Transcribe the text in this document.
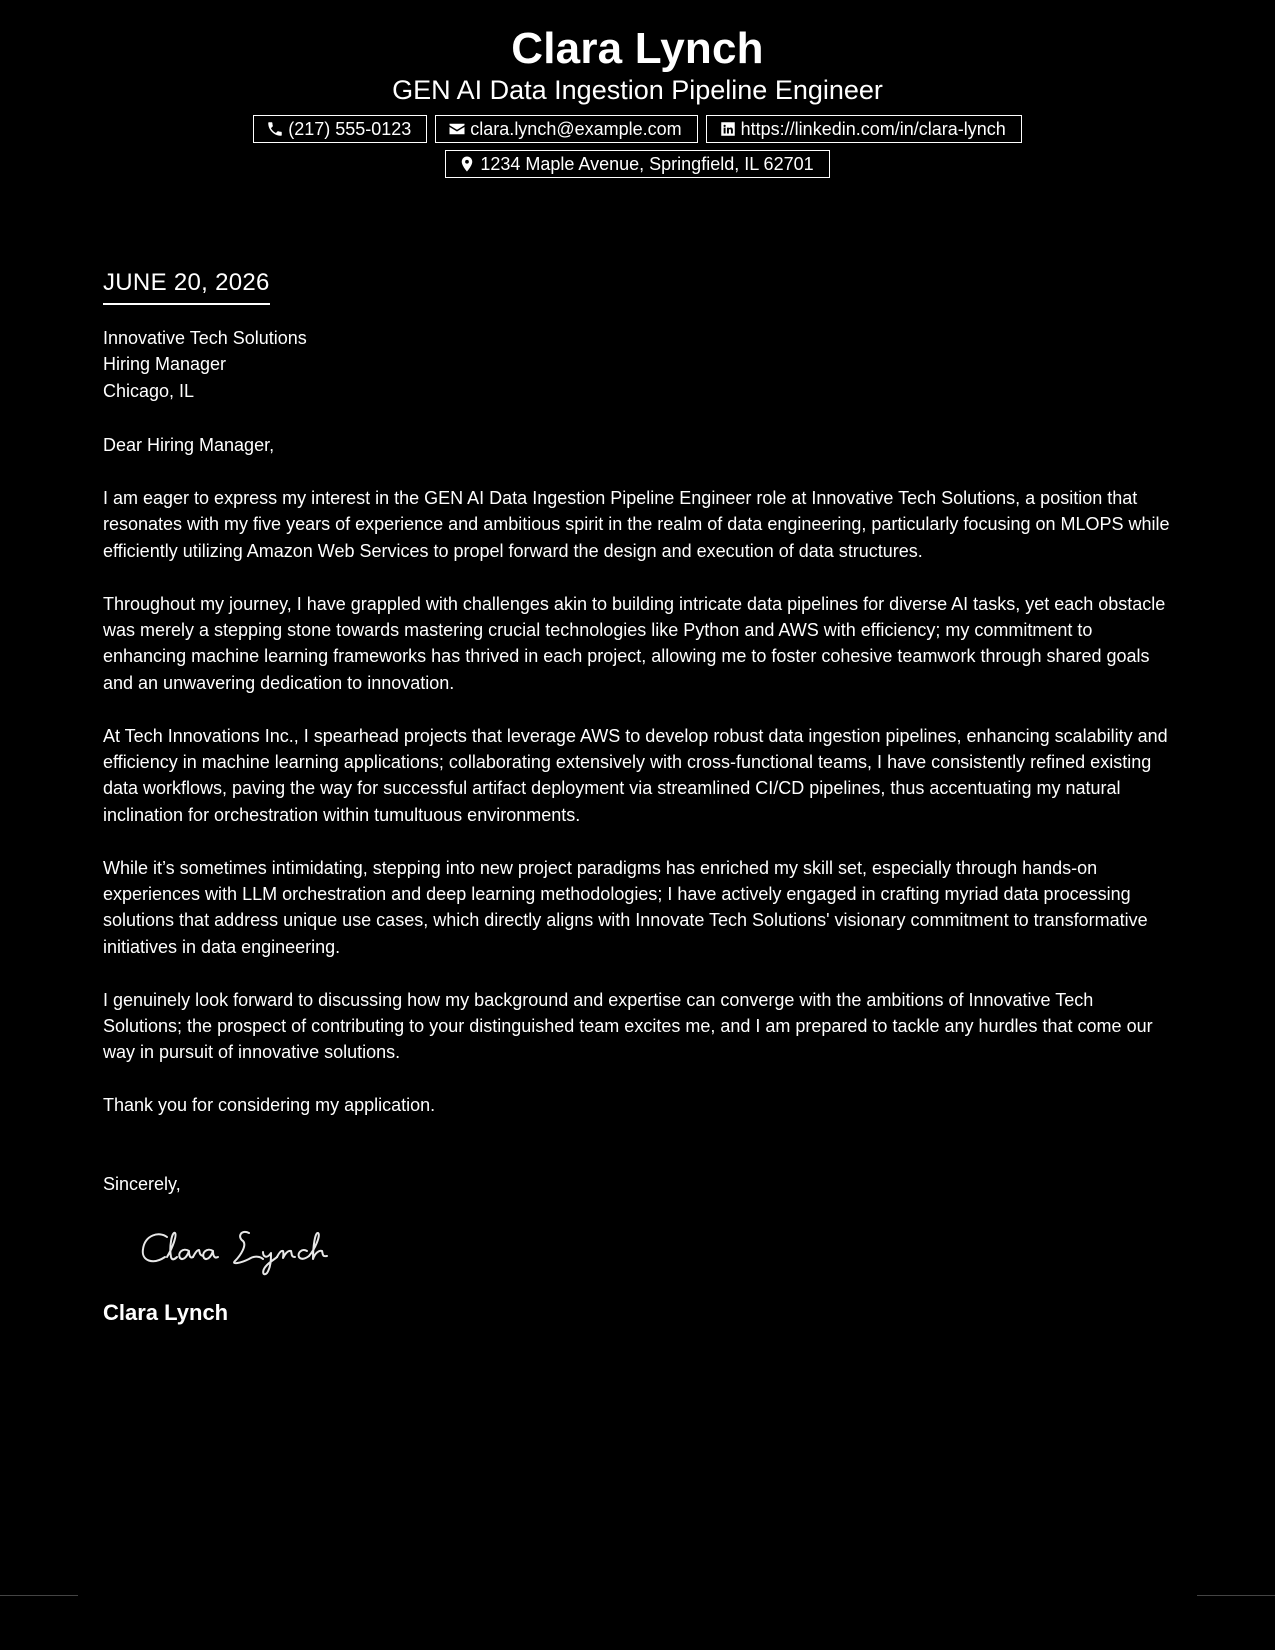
Clara Lynch
GEN AI Data Ingestion Pipeline Engineer
(217) 555-0123	clara.lynch@example.com	https://linkedin.com/in/clara-lynch
1234 Maple Avenue, Springfield, IL 62701
JUNE 20, 2026
Innovative Tech Solutions
Hiring Manager
Chicago, IL
Dear Hiring Manager,
I am eager to express my interest in the GEN AI Data Ingestion Pipeline Engineer role at Innovative Tech Solutions, a position that resonates with my five years of experience and ambitious spirit in the realm of data engineering, particularly focusing on MLOPS while efficiently utilizing Amazon Web Services to propel forward the design and execution of data structures.
Throughout my journey, I have grappled with challenges akin to building intricate data pipelines for diverse AI tasks, yet each obstacle was merely a stepping stone towards mastering crucial technologies like Python and AWS with efficiency; my commitment to enhancing machine learning frameworks has thrived in each project, allowing me to foster cohesive teamwork through shared goals and an unwavering dedication to innovation.
At Tech Innovations Inc., I spearhead projects that leverage AWS to develop robust data ingestion pipelines, enhancing scalability and efficiency in machine learning applications; collaborating extensively with cross-functional teams, I have consistently refined existing data workflows, paving the way for successful artifact deployment via streamlined CI/CD pipelines, thus accentuating my natural inclination for orchestration within tumultuous environments.
While it’s sometimes intimidating, stepping into new project paradigms has enriched my skill set, especially through hands-on experiences with LLM orchestration and deep learning methodologies; I have actively engaged in crafting myriad data processing solutions that address unique use cases, which directly aligns with Innovate Tech Solutions' visionary commitment to transformative initiatives in data engineering.
I genuinely look forward to discussing how my background and expertise can converge with the ambitions of Innovative Tech Solutions; the prospect of contributing to your distinguished team excites me, and I am prepared to tackle any hurdles that come our way in pursuit of innovative solutions.
Thank you for considering my application.
Sincerely,
Clara Lynch
